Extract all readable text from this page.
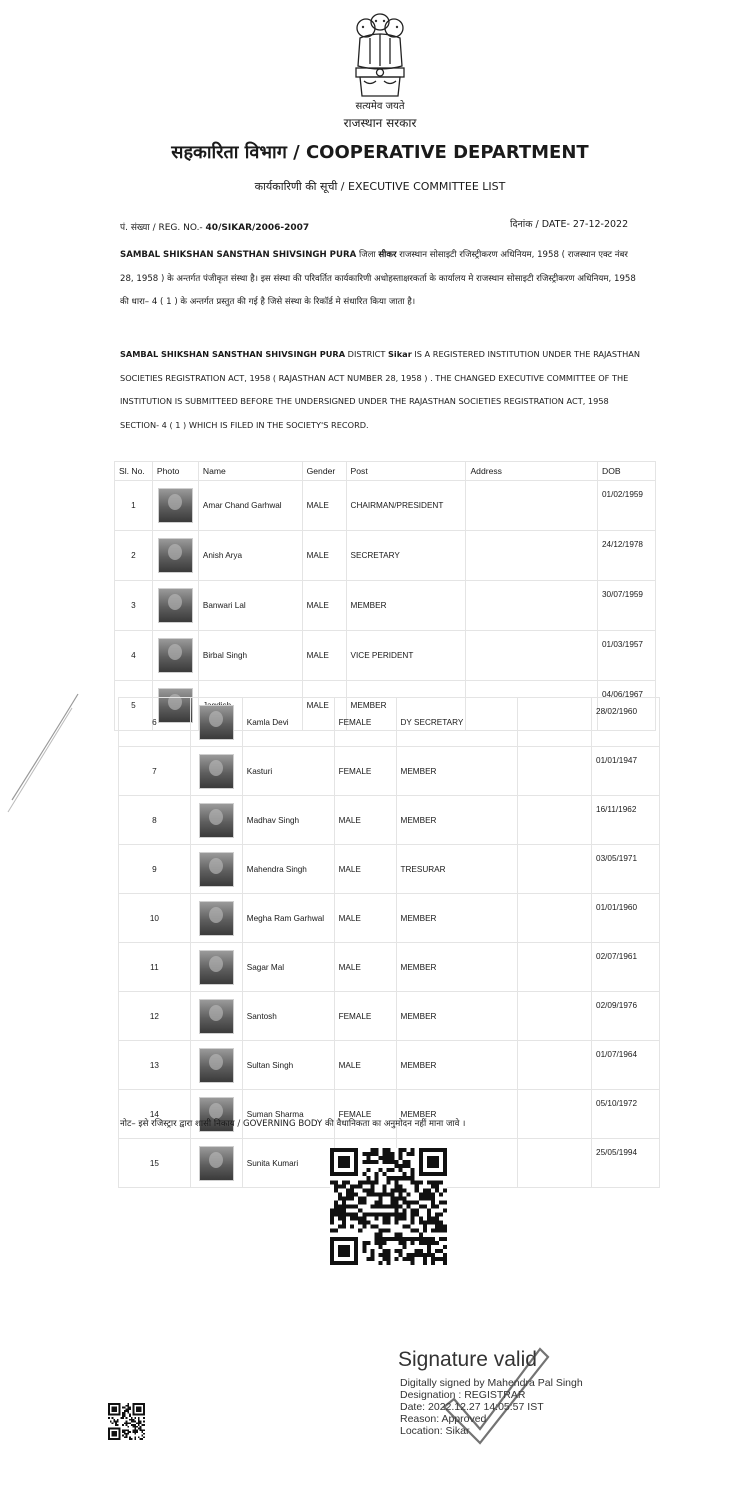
सत्यमेव जयते
राजस्थान सरकार
सहकारिता विभाग / COOPERATIVE DEPARTMENT
कार्यकारिणी की सूची / EXECUTIVE COMMITTEE LIST
पं. संख्या / REG. NO.- 40/SIKAR/2006-2007	दिनांक / DATE- 27-12-2022
SAMBAL SHIKSHAN SANSTHAN SHIVSINGH PURA जिला सीकर राजस्थान सोसाइटी रजिस्ट्रीकरण अधिनियम, 1958 ( राजस्थान एक्ट नंबर 28, 1958 ) के अन्तर्गत पंजीकृत संस्था है। इस संस्था की परिवर्तित कार्यकारिणी अधोहस्ताक्षरकर्ता के कार्यालय मे राजस्थान सोसाइटी रजिस्ट्रीकरण अधिनियम, 1958 की धारा– 4 ( 1 ) के अन्तर्गत प्रस्तुत की गई है जिसे संस्था के रिकॉर्ड मे संधारित किया जाता है।
SAMBAL SHIKSHAN SANSTHAN SHIVSINGH PURA DISTRICT Sikar IS A REGISTERED INSTITUTION UNDER THE RAJASTHAN SOCIETIES REGISTRATION ACT, 1958 ( RAJASTHAN ACT NUMBER 28, 1958 ) . THE CHANGED EXECUTIVE COMMITTEE OF THE INSTITUTION IS SUBMITTEED BEFORE THE UNDERSIGNED UNDER THE RAJASTHAN SOCIETIES REGISTRATION ACT, 1958
SECTION- 4 ( 1 ) WHICH IS FILED IN THE SOCIETY'S RECORD.
Sl. No.	Photo	Name	Gender	Post	Address	DOB
1		Amar Chand Garhwal	MALE	CHAIRMAN/PRESIDENT		01/02/1959
2		Anish Arya	MALE	SECRETARY		24/12/1978
3		Banwari Lal	MALE	MEMBER		30/07/1959
4		Birbal Singh	MALE	VICE PERIDENT		01/03/1957
5			MALE	MEMBER		04/06/1967
6		Kamla Devi	FEMALE	DY SECRETARY		28/02/1960
7		Kasturi	FEMALE	MEMBER		01/01/1947
8		Madhav Singh	MALE	MEMBER		16/11/1962
9		Mahendra Singh	MALE	TRESURAR		03/05/1971
10		Megha Ram Garhwal	MALE	MEMBER		01/01/1960
11		Sagar Mal	MALE	MEMBER		02/07/1961
12		Santosh	FEMALE	MEMBER		02/09/1976
13		Sultan Singh	MALE	MEMBER		01/07/1964
14		Suman Sharma	FEMALE	MEMBER		05/10/1972
15		Sunita Kumari				25/05/1994
नोट– इसे रजिस्ट्रार द्वारा शासी निकाय / GOVERNING BODY की वैधानिकता का अनुमोदन नहीं माना जावे ।
Signature valid
Digitally signed by Mahendra Pal Singh
Designation : REGISTRAR
Date: 2022.12.27 14:05:57 IST
Reason: Approved
Location: Sikar
